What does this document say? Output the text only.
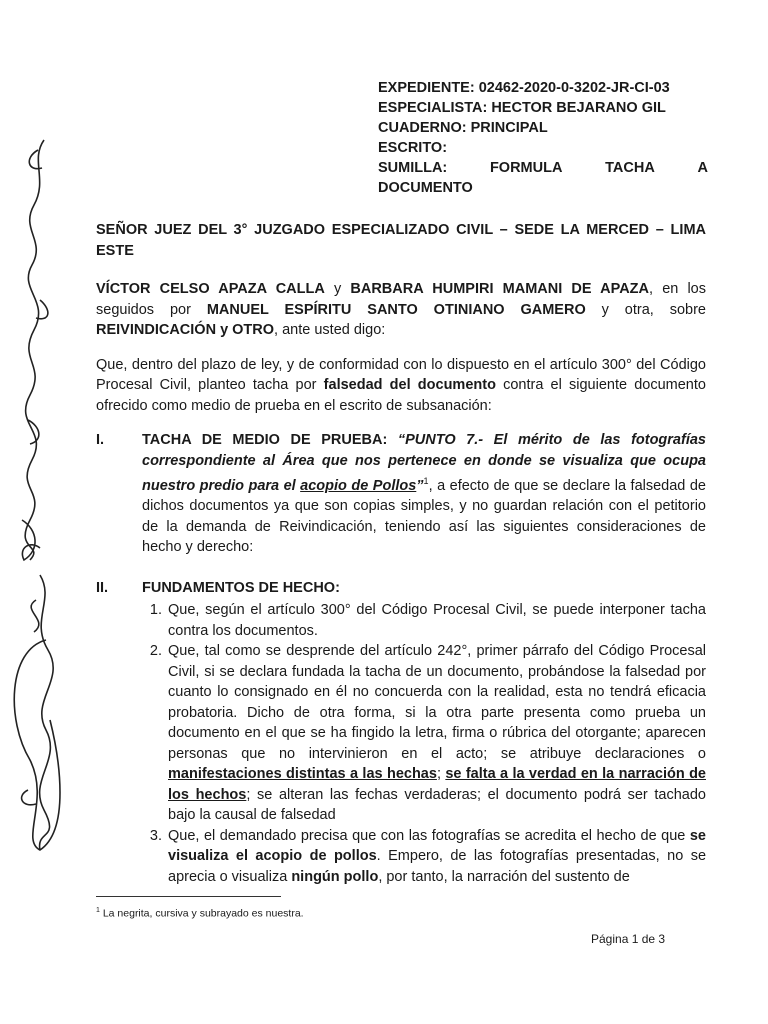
EXPEDIENTE: 02462-2020-0-3202-JR-CI-03
ESPECIALISTA: HECTOR BEJARANO GIL
CUADERNO: PRINCIPAL
ESCRITO:
SUMILLA:	FORMULA	TACHA	A
DOCUMENTO

SEÑOR JUEZ DEL 3° JUZGADO ESPECIALIZADO CIVIL – SEDE LA MERCED – LIMA ESTE

VÍCTOR CELSO APAZA CALLA y BARBARA HUMPIRI MAMANI DE APAZA, en los seguidos por MANUEL ESPÍRITU SANTO OTINIANO GAMERO y otra, sobre REIVINDICACIÓN y OTRO, ante usted digo:

Que, dentro del plazo de ley, y de conformidad con lo dispuesto en el artículo 300° del Código Procesal Civil, planteo tacha por falsedad del documento contra el siguiente documento ofrecido como medio de prueba en el escrito de subsanación:

I.	TACHA DE MEDIO DE PRUEBA: “PUNTO 7.- El mérito de las fotografías correspondiente al Área que nos pertenece en donde se visualiza que ocupa nuestro predio para el acopio de Pollos”$^1$, a efecto de que se declare la falsedad de dichos documentos ya que son copias simples, y no guardan relación con el petitorio de la demanda de Reivindicación, teniendo así las siguientes consideraciones de hecho y derecho:
II.	FUNDAMENTOS DE HECHO:
1. Que, según el artículo 300° del Código Procesal Civil, se puede interponer tacha contra los documentos.
2. Que, tal como se desprende del artículo 242°, primer párrafo del Código Procesal Civil, si se declara fundada la tacha de un documento, probándose la falsedad por cuanto lo consignado en él no concuerda con la realidad, esta no tendrá eficacia probatoria. Dicho de otra forma, si la otra parte presenta como prueba un documento en el que se ha fingido la letra, firma o rúbrica del otorgante; aparecen personas que no intervinieron en el acto; se atribuye declaraciones o manifestaciones distintas a las hechas; se falta a la verdad en la narración de los hechos; se alteran las fechas verdaderas; el documento podrá ser tachado bajo la causal de falsedad
3. Que, el demandado precisa que con las fotografías se acredita el hecho de que se visualiza el acopio de pollos. Empero, de las fotografías presentadas, no se aprecia o visualiza ningún pollo, por tanto, la narración del sustento de
$^1$ La negrita, cursiva y subrayado es nuestra.
Página 1 de 3
